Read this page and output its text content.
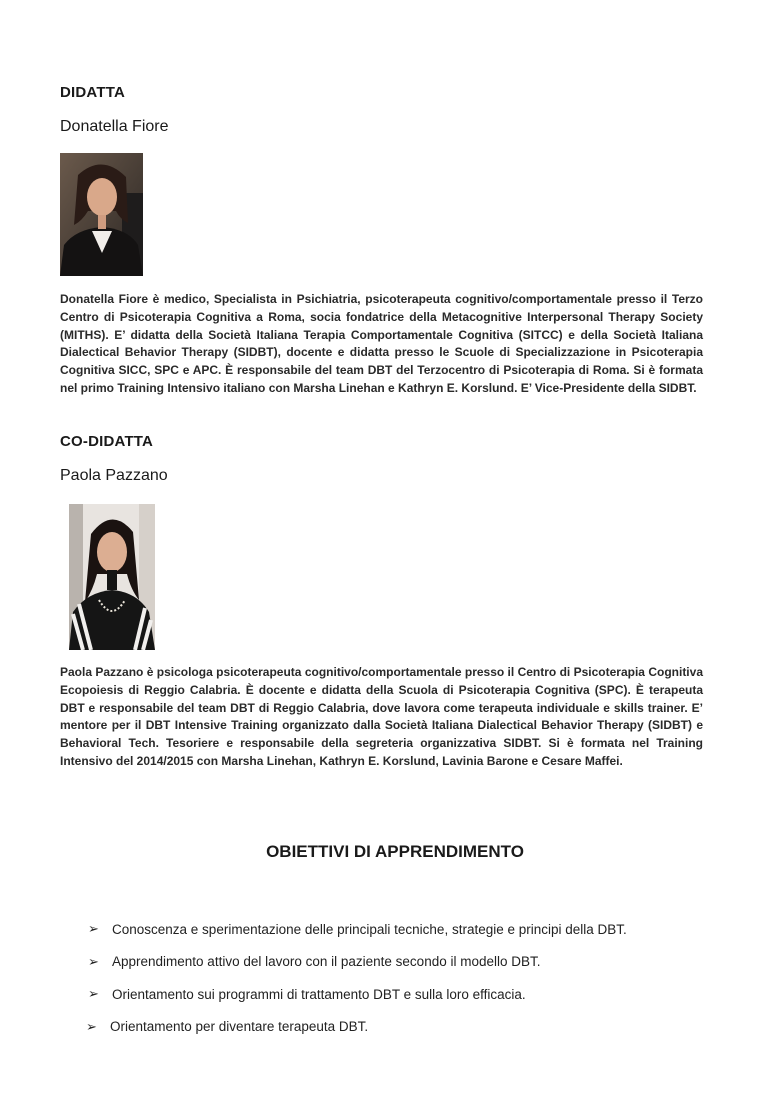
DIDATTA
Donatella Fiore

Donatella Fiore è medico, Specialista in Psichiatria, psicoterapeuta cognitivo/comportamentale presso il Terzo Centro di Psicoterapia Cognitiva a Roma, socia fondatrice della Metacognitive Interpersonal Therapy Society (MITHS). E’ didatta della Società Italiana Terapia Comportamentale Cognitiva (SITCC) e della Società Italiana Dialectical Behavior Therapy (SIDBT), docente e didatta presso le Scuole di Specializzazione in Psicoterapia Cognitiva SICC, SPC e APC. È responsabile del team DBT del Terzocentro di Psicoterapia di Roma. Si è formata nel primo Training Intensivo italiano con Marsha Linehan e Kathryn E. Korslund. E’ Vice-Presidente della SIDBT.

CO-DIDATTA
Paola Pazzano

Paola Pazzano è psicologa psicoterapeuta cognitivo/comportamentale presso il Centro di Psicoterapia Cognitiva Ecopoiesis di Reggio Calabria. È docente e didatta della Scuola di Psicoterapia Cognitiva (SPC). È terapeuta DBT e responsabile del team DBT di Reggio Calabria, dove lavora come terapeuta individuale e skills trainer. E’ mentore per il DBT Intensive Training organizzato dalla Società Italiana Dialectical Behavior Therapy (SIDBT) e Behavioral Tech. Tesoriere e responsabile della segreteria organizzativa SIDBT. Si è formata nel Training Intensivo del 2014/2015 con Marsha Linehan, Kathryn E. Korslund, Lavinia Barone e Cesare Maffei.

OBIETTIVI DI APPRENDIMENTO
➢ Conoscenza e sperimentazione delle principali tecniche, strategie e principi della DBT.
➢ Apprendimento attivo del lavoro con il paziente secondo il modello DBT.
➢ Orientamento sui programmi di trattamento DBT e sulla loro efficacia.
➢ Orientamento per diventare terapeuta DBT.
